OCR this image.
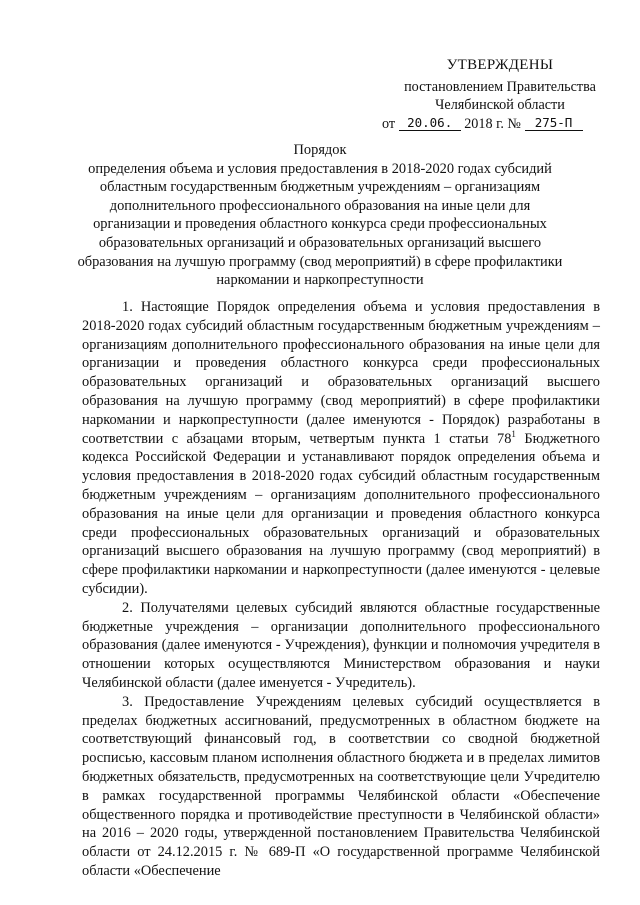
УТВЕРЖДЕНЫ
постановлением Правительства
Челябинской области
от 20.06. 2018 г. № 275-П
Порядок
определения объема и условия предоставления в 2018-2020 годах субсидий областным государственным бюджетным учреждениям – организациям дополнительного профессионального образования на иные цели для организации и проведения областного конкурса среди профессиональных образовательных организаций и образовательных организаций высшего образования на лучшую программу (свод мероприятий) в сфере профилактики наркомании и наркопреступности

1. Настоящие Порядок определения объема и условия предоставления в 2018-2020 годах субсидий областным государственным бюджетным учреждениям – организациям дополнительного профессионального образования на иные цели для организации и проведения областного конкурса среди профессиональных образовательных организаций и образовательных организаций высшего образования на лучшую программу (свод мероприятий) в сфере профилактики наркомании и наркопреступности (далее именуются - Порядок) разработаны в соответствии с абзацами вторым, четвертым пункта 1 статьи $78^1$ Бюджетного кодекса Российской Федерации и устанавливают порядок определения объема и условия предоставления в 2018-2020 годах субсидий областным государственным бюджетным учреждениям – организациям дополнительного профессионального образования на иные цели для организации и проведения областного конкурса среди профессиональных образовательных организаций и образовательных организаций высшего образования на лучшую программу (свод мероприятий) в сфере профилактики наркомании и наркопреступности (далее именуются - целевые субсидии).

2. Получателями целевых субсидий являются областные государственные бюджетные учреждения – организации дополнительного профессионального образования (далее именуются - Учреждения), функции и полномочия учредителя в отношении которых осуществляются Министерством образования и науки Челябинской области (далее именуется - Учредитель).

3. Предоставление Учреждениям целевых субсидий осуществляется в пределах бюджетных ассигнований, предусмотренных в областном бюджете на соответствующий финансовый год, в соответствии со сводной бюджетной росписью, кассовым планом исполнения областного бюджета и в пределах лимитов бюджетных обязательств, предусмотренных на соответствующие цели Учредителю в рамках государственной программы Челябинской области «Обеспечение общественного порядка и противодействие преступности в Челябинской области» на 2016 – 2020 годы, утвержденной постановлением Правительства Челябинской области от 24.12.2015 г. № 689-П «О государственной программе Челябинской области «Обеспечение
